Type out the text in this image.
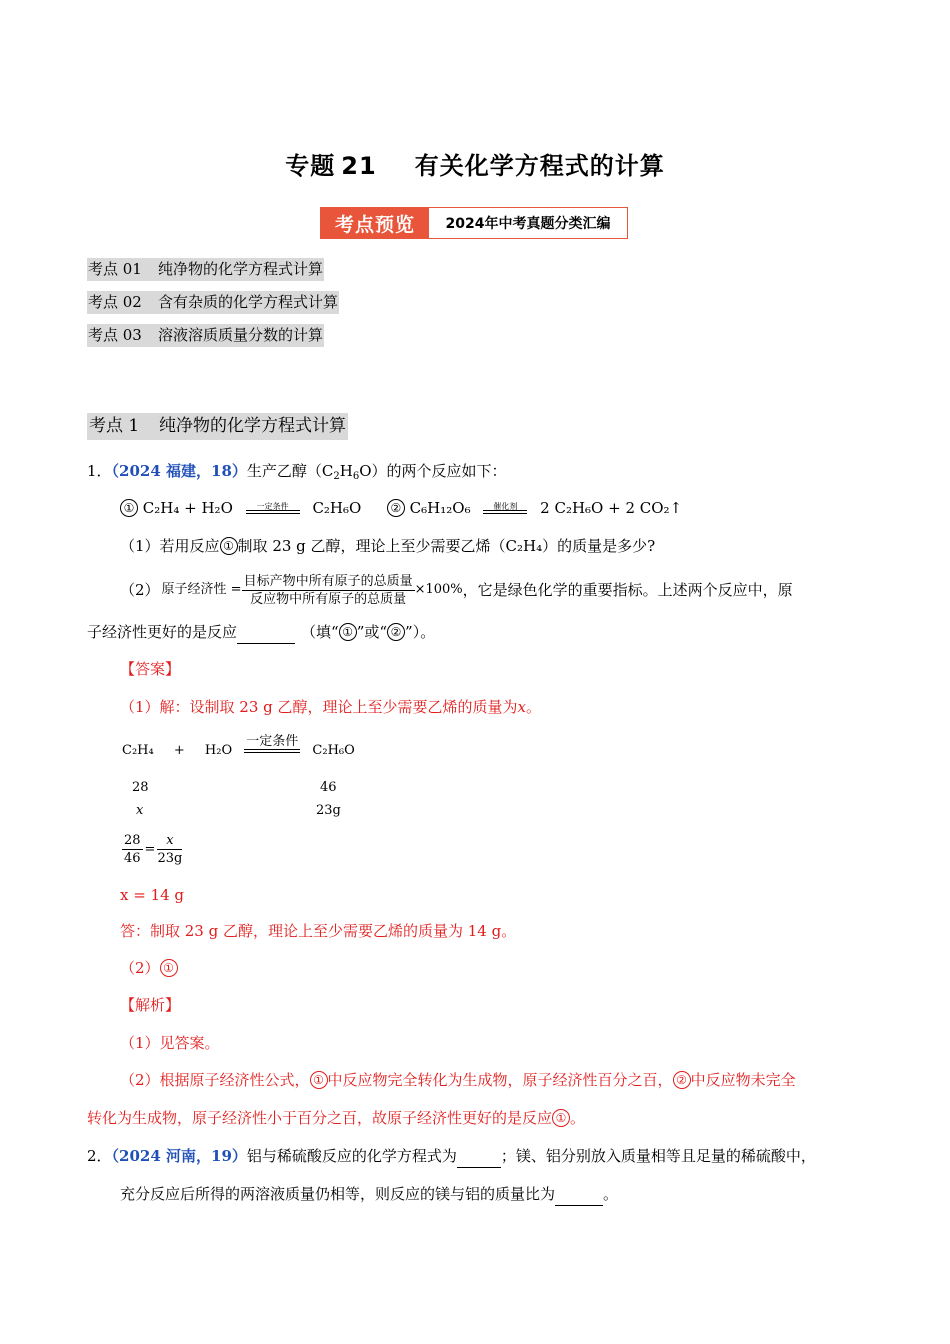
专题 21 有关化学方程式的计算
考点预览	2024年中考真题分类汇编
考点 01 纯净物的化学方程式计算
考点 02 含有杂质的化学方程式计算
考点 03 溶液溶质质量分数的计算
考点 1 纯净物的化学方程式计算
1．（2024 福建，18）生产乙醇$(C_2H_6O)$的两个反应如下：
① C₂H₄ + H₂O	一定条件	C₂H₆O ② C₆H₁₂O₆	催化剂	2 C₂H₆O + 2 CO₂↑
（1）若用反应 ① 制取 23 g 乙醇，理论上至少需要乙烯（C₂H₄）的质量是多少?
（2） 原子经济性 = $\frac{\text{目标产物中所有原子的总质量}}{\text{反应物中所有原子的总质量}} \times 100\%$ ，它是绿色化学的重要指标。上述两个反应中，原
子经济性更好的是反应	（填“ ① ”或“ ② ”）。
【答案】
（1）解：设制取 23 g 乙醇，理论上至少需要乙烯的质量为x。
C₂H₄ + H₂O
一定条件
C₂H₆O
28	46
x	23g
$\frac{28}{46} = \frac{x}{23g}$
x = 14 g
答：制取 23 g 乙醇，理论上至少需要乙烯的质量为 14 g。
（2） ①
【解析】
（1）见答案。
（2）根据原子经济性公式， ① 中反应物完全转化为生成物，原子经济性百分之百， ② 中反应物未完全
转化为生成物，原子经济性小于百分之百，故原子经济性更好的是反应 ① 。
2．（2024 河南，19）铝与稀硫酸反应的化学方程式为	；镁、铝分别放入质量相等且足量的稀硫酸中，
充分反应后所得的两溶液质量仍相等，则反应的镁与铝的质量比为	。
